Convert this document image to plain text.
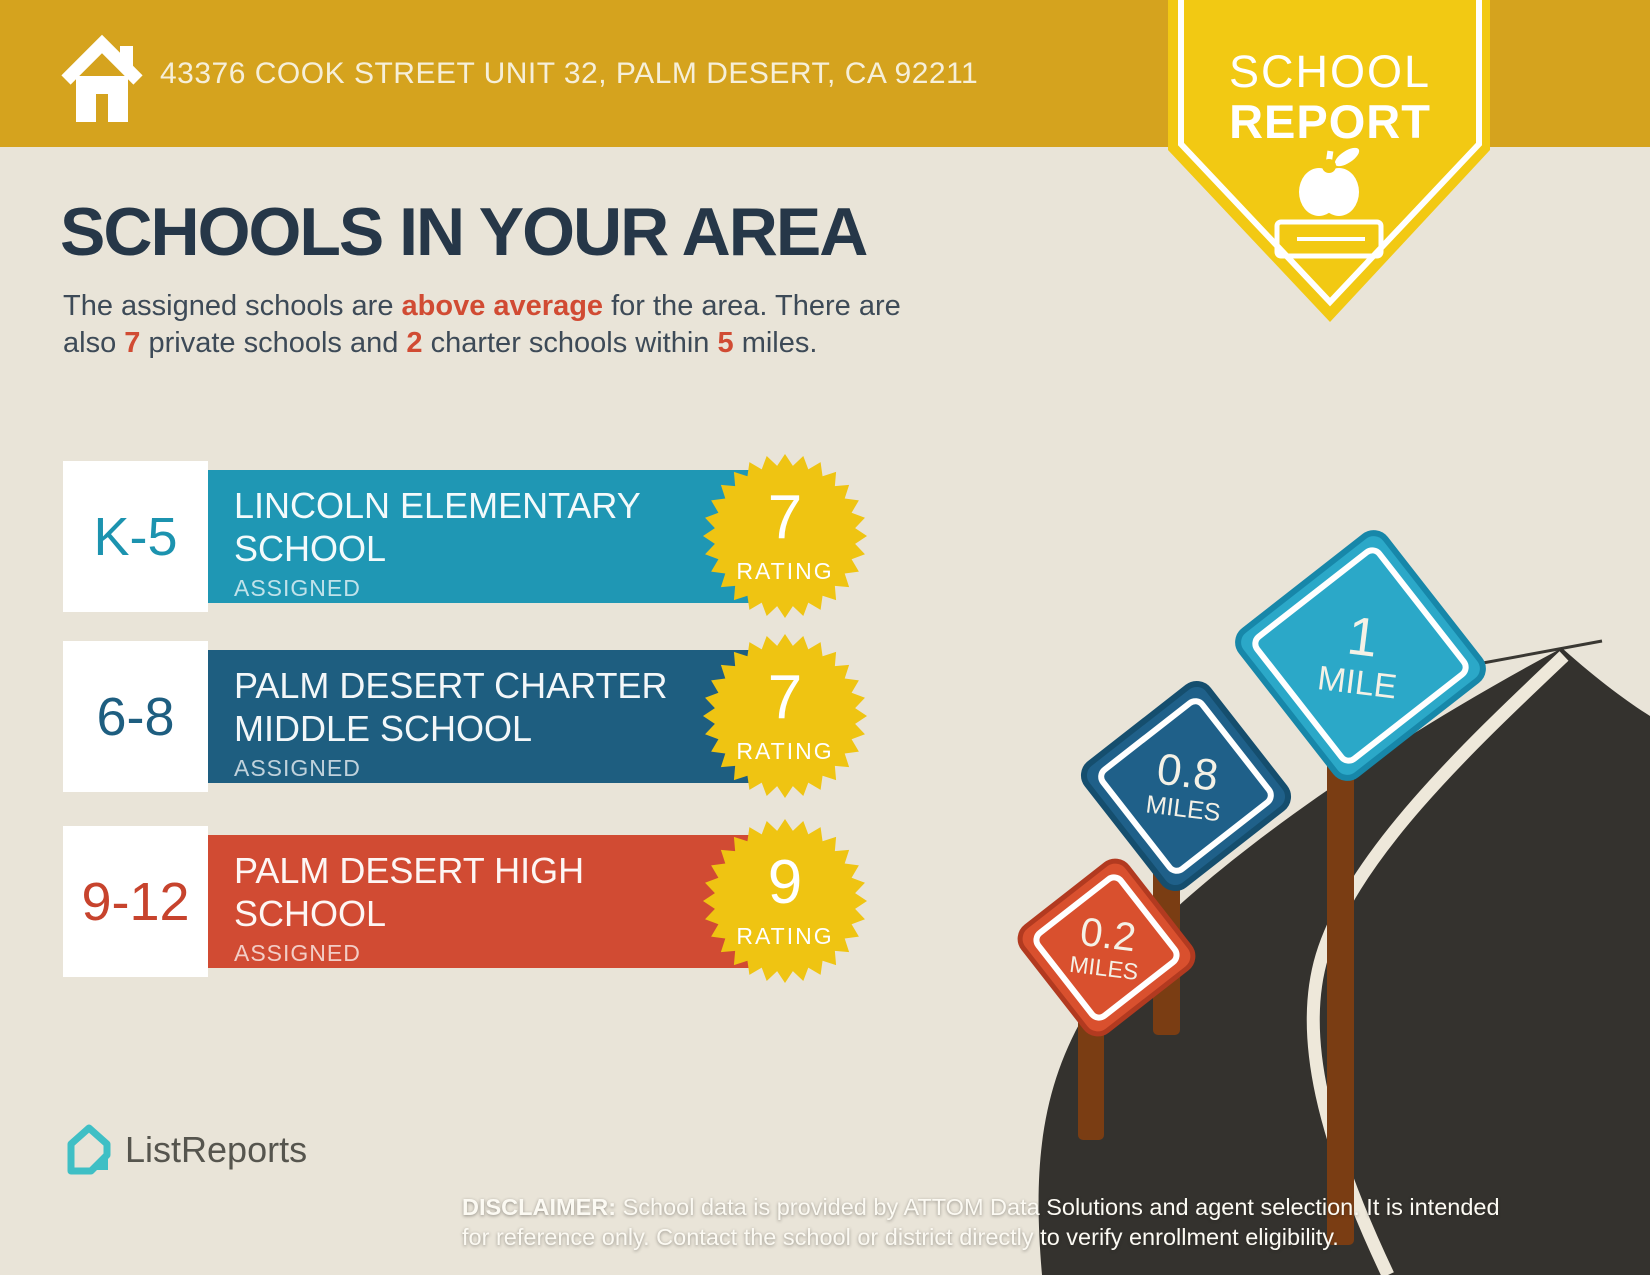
0.2
MILES
0.8
MILES
1
MILE
43376 COOK STREET UNIT 32, PALM DESERT, CA 92211	SCHOOL
REPORT
SCHOOLS IN YOUR AREA
The assigned schools are above average for the area. There are
also 7 private schools and 2 charter schools within 5 miles.
K-5
LINCOLN ELEMENTARY SCHOOL
ASSIGNED
7
RATING
6-8
PALM DESERT CHARTER MIDDLE SCHOOL
ASSIGNED
7
RATING
9-12
PALM DESERT HIGH SCHOOL
ASSIGNED
9
RATING
ListReports
DISCLAIMER: School data is provided by ATTOM Data Solutions and agent selection. It is intended
for reference only. Contact the school or district directly to verify enrollment eligibility.
